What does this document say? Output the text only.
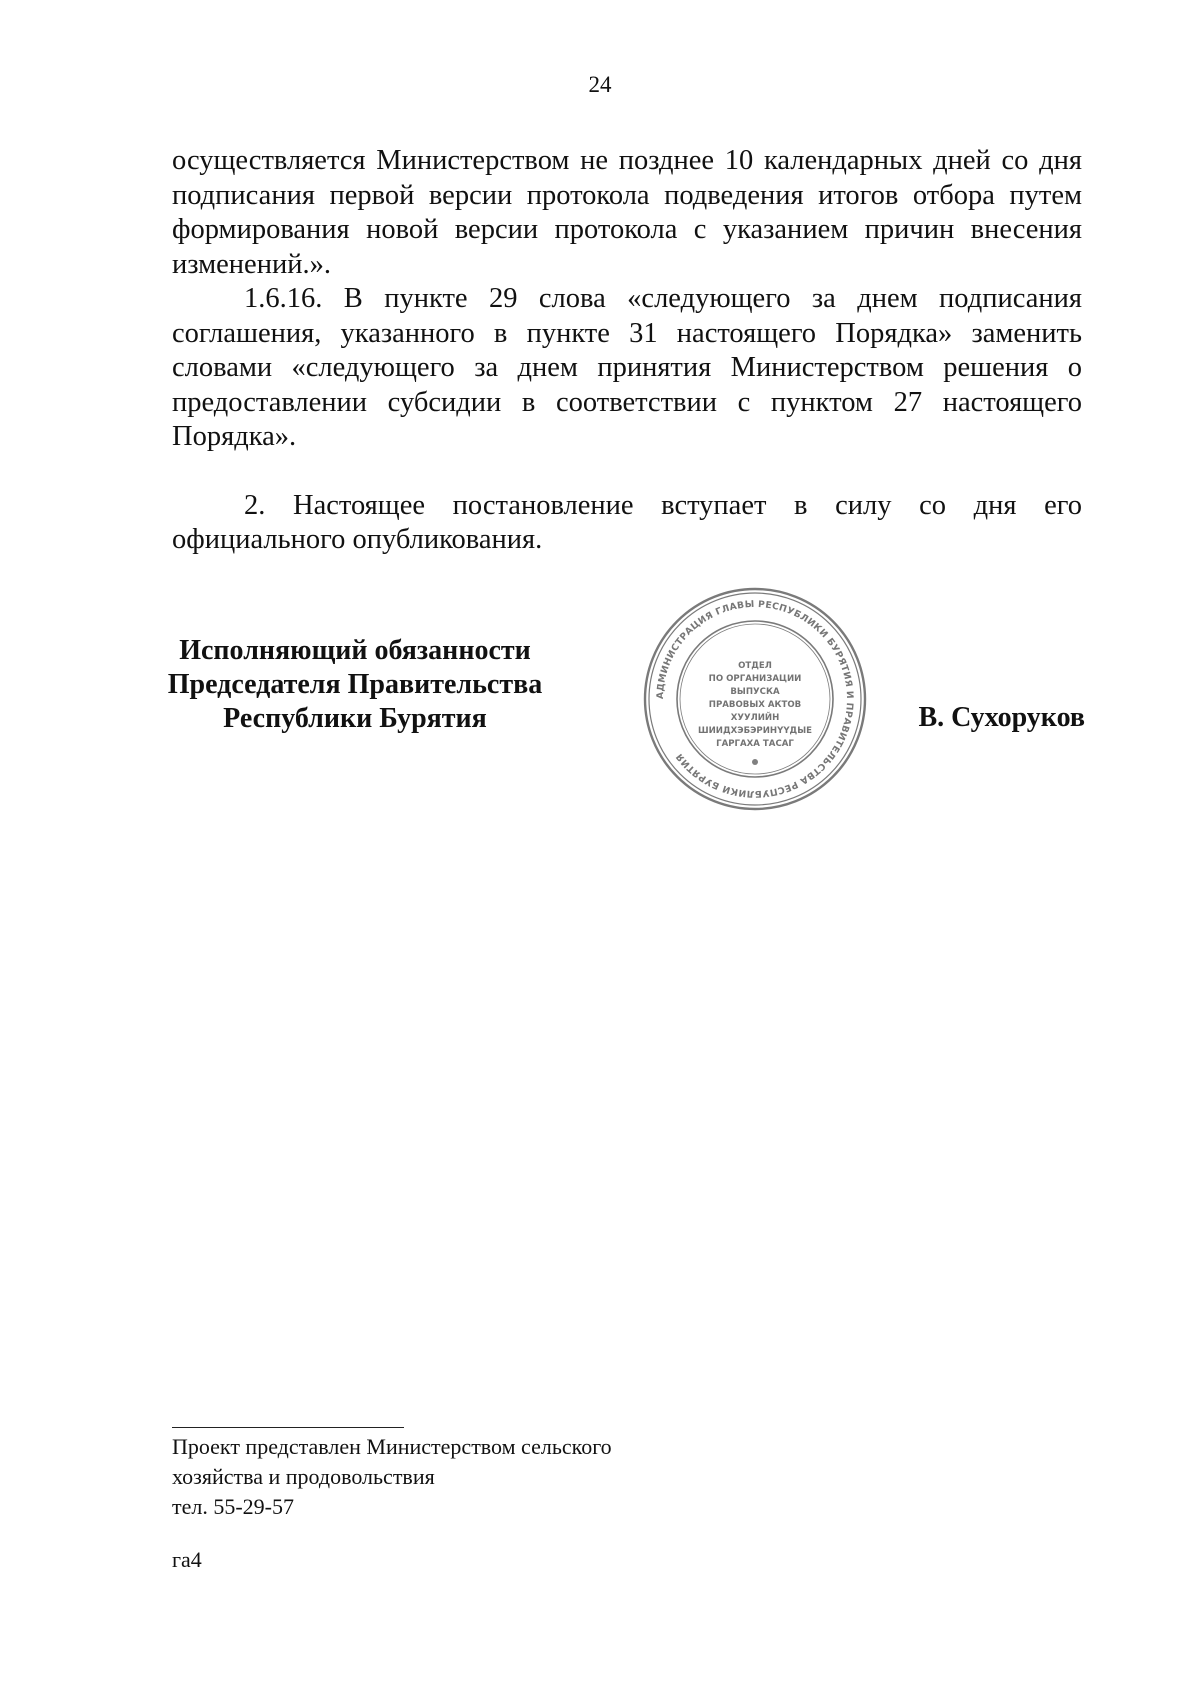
24

осуществляется Министерством не позднее 10 календарных дней со дня подписания первой версии протокола подведения итогов отбора путем формирования новой версии протокола с указанием причин внесения изменений.».

1.6.16. В пункте 29 слова «следующего за днем подписания соглашения, указанного в пункте 31 настоящего Порядка» заменить словами «следующего за днем принятия Министерством решения о предоставлении субсидии в соответствии с пунктом 27 настоящего Порядка».

2. Настоящее постановление вступает в силу со дня его официального опубликования.

Исполняющий обязанности
Председателя Правительства
Республики Бурятия
АДМИНИСТРАЦИЯ ГЛАВЫ РЕСПУБЛИКИ БУРЯТИЯ И ПРАВИТЕЛЬСТВА РЕСПУБЛИКИ БУРЯТИЯ
ОТДЕЛ
ПО ОРГАНИЗАЦИИ
ВЫПУСКА
ПРАВОВЫХ АКТОВ
ХУУЛИЙН
ШИИДХЭБЭРИНҮҮДЫЕ
ГАРГАХА ТАСАГ
В. Сухоруков
Проект представлен Министерством сельского
хозяйства и продовольствия
тел. 55-29-57
га4
